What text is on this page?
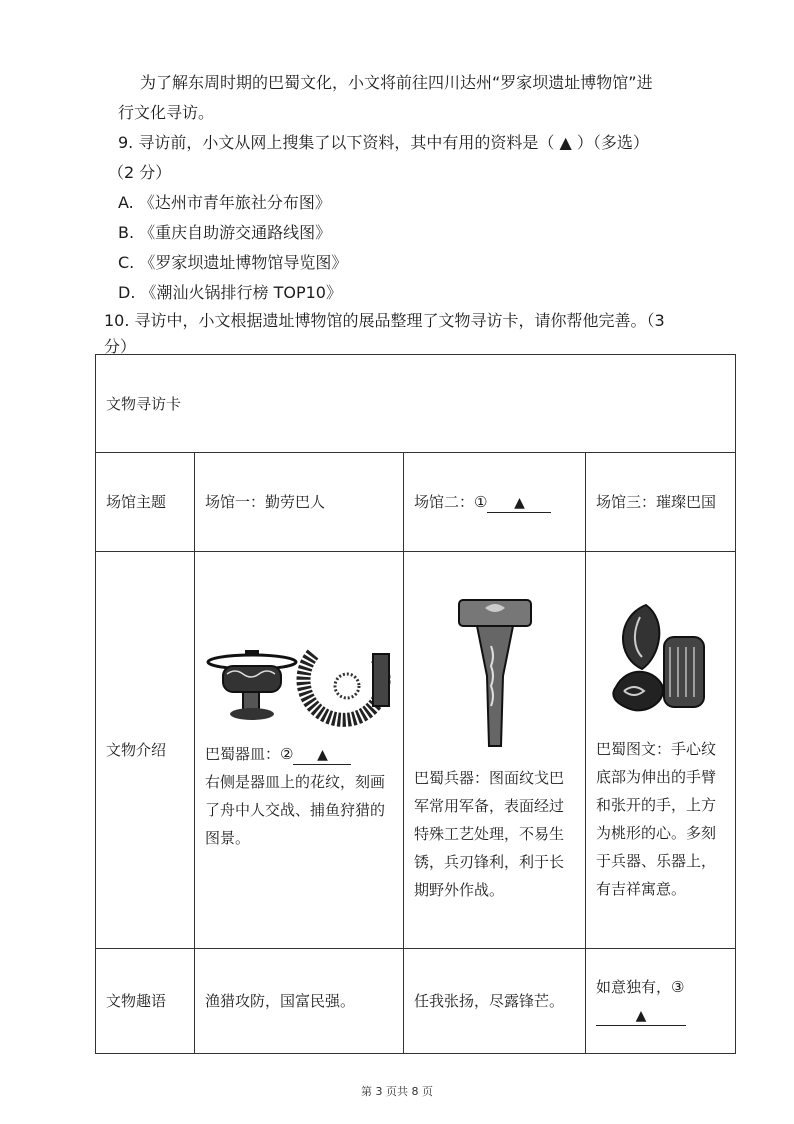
为了解东周时期的巴蜀文化，小文将前往四川达州“罗家坝遗址博物馆”进
行文化寻访。
9. 寻访前，小文从网上搜集了以下资料，其中有用的资料是（ ▲ ）（多选）
（2 分）
A. 《达州市青年旅社分布图》
B. 《重庆自助游交通路线图》
C. 《罗家坝遗址博物馆导览图》
D. 《潮汕火锅排行榜 TOP10》
10. 寻访中，小文根据遗址博物馆的展品整理了文物寻访卡，请你帮他完善。（3
分）
文物寻访卡			
场馆主题	场馆一：勤劳巴人	场馆二：① ▲	场馆三：璀璨巴国
文物介绍	巴蜀器皿：② ▲
右侧是器皿上的花纹，刻画了舟中人交战、捕鱼狩猎的图景。	巴蜀兵器：图面纹戈巴军常用军备，表面经过特殊工艺处理，不易生锈，兵刃锋利，利于长期野外作战。	巴蜀图文：手心纹底部为伸出的手臂和张开的手，上方为桃形的心。多刻于兵器、乐器上，有吉祥寓意。

文物趣语	渔猎攻防，国富民强。	任我张扬，尽露锋芒。	如意独有，③
▲
第 3 页共 8 页
